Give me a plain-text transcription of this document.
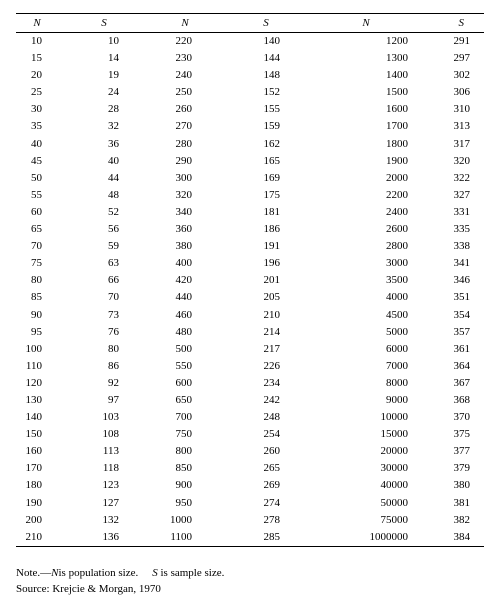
N	S	N	S	N	S
10	10	220	140	1200	291
15	14	230	144	1300	297
20	19	240	148	1400	302
25	24	250	152	1500	306
30	28	260	155	1600	310
35	32	270	159	1700	313
40	36	280	162	1800	317
45	40	290	165	1900	320
50	44	300	169	2000	322
55	48	320	175	2200	327
60	52	340	181	2400	331
65	56	360	186	2600	335
70	59	380	191	2800	338
75	63	400	196	3000	341
80	66	420	201	3500	346
85	70	440	205	4000	351
90	73	460	210	4500	354
95	76	480	214	5000	357
100	80	500	217	6000	361
110	86	550	226	7000	364
120	92	600	234	8000	367
130	97	650	242	9000	368
140	103	700	248	10000	370
150	108	750	254	15000	375
160	113	800	260	20000	377
170	118	850	265	30000	379
180	123	900	269	40000	380
190	127	950	274	50000	381
200	132	1000	278	75000	382
210	136	1100	285	1000000	384
Note.—Nis population size. S is sample size.
Source: Krejcie & Morgan, 1970
